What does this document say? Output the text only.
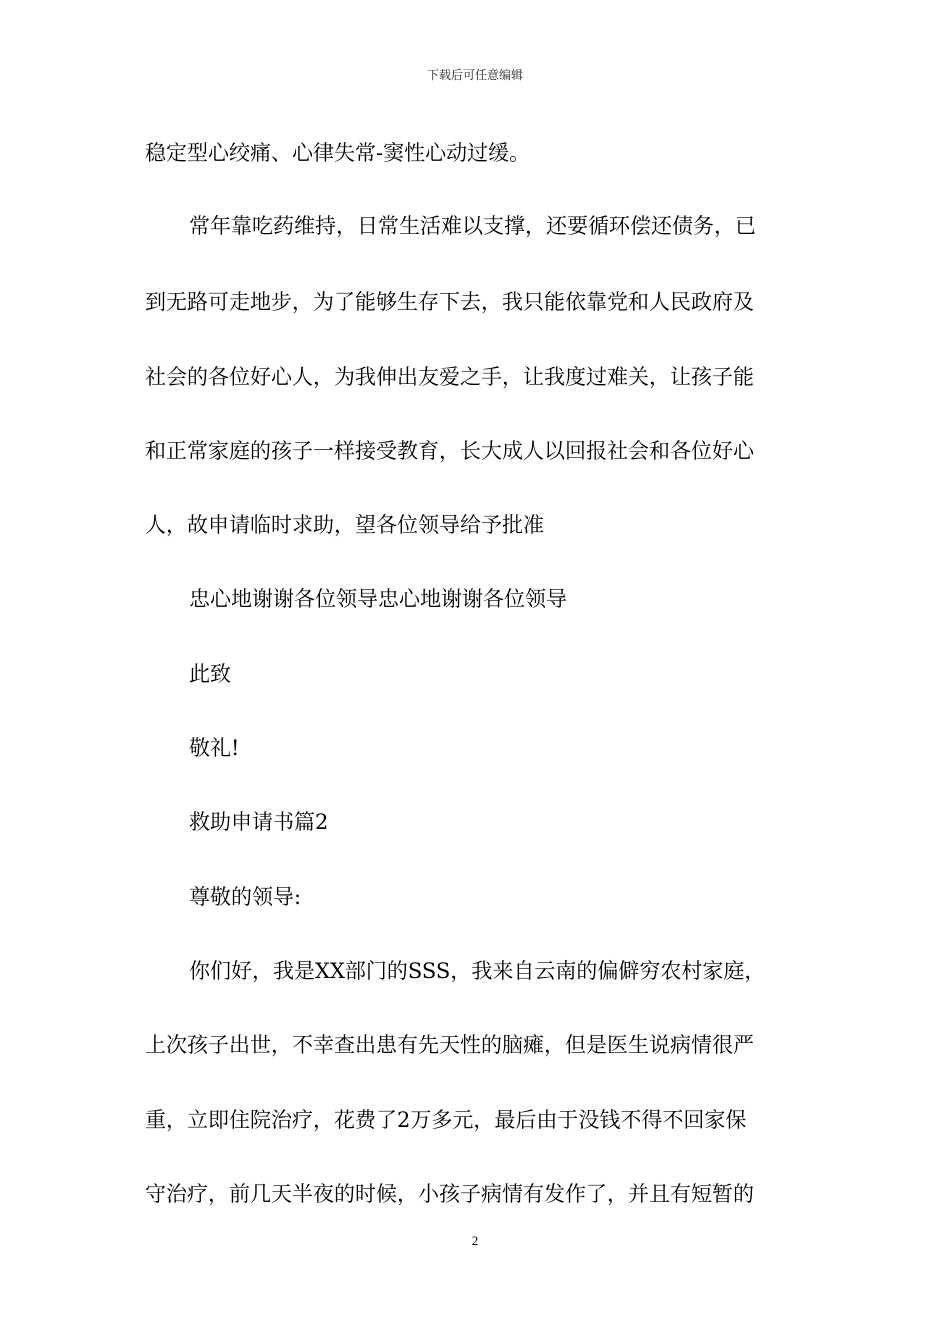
下载后可任意编辑
稳定型心绞痛、心律失常-窦性心动过缓。
常年靠吃药维持，日常生活难以支撑，还要循环偿还债务，已
到无路可走地步，为了能够生存下去，我只能依靠党和人民政府及
社会的各位好心人，为我伸出友爱之手，让我度过难关，让孩子能
和正常家庭的孩子一样接受教育，长大成人以回报社会和各位好心
人，故申请临时求助，望各位领导给予批准
忠心地谢谢各位领导忠心地谢谢各位领导
此致
敬礼!
救助申请书篇2
尊敬的领导:
你们好，我是XX部门的SSS，我来自云南的偏僻穷农村家庭，
上次孩子出世，不幸查出患有先天性的脑瘫，但是医生说病情很严
重，立即住院治疗，花费了2万多元，最后由于没钱不得不回家保
守治疗，前几天半夜的时候，小孩子病情有发作了，并且有短暂的
2
